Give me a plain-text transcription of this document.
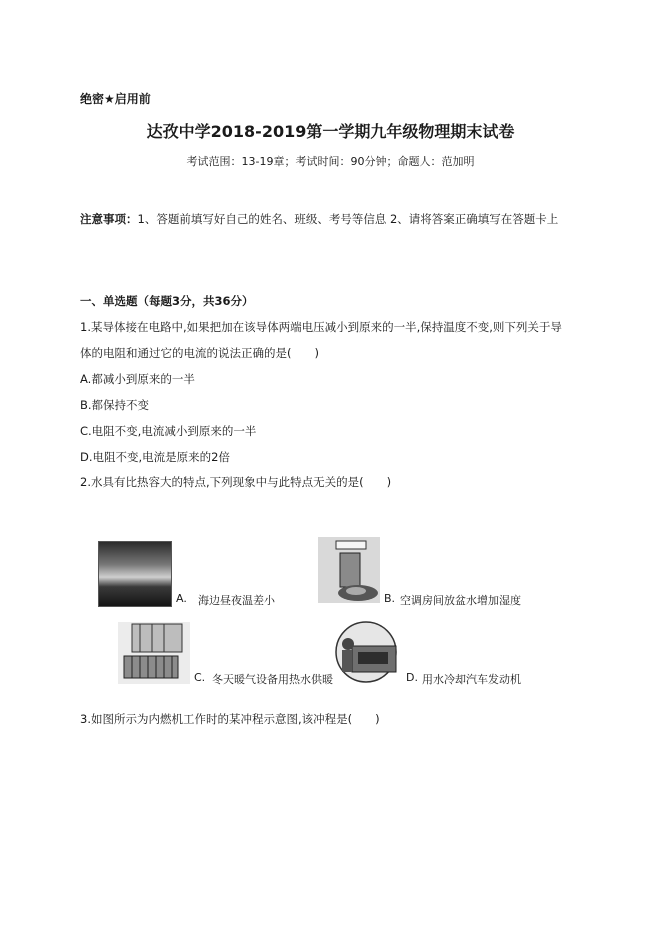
绝密★启用前
达孜中学2018-2019第一学期九年级物理期末试卷
考试范围：13-19章；考试时间：90分钟；命题人：范加明
注意事项：1、答题前填写好自己的姓名、班级、考号等信息 2、请将答案正确填写在答题卡上
一、单选题（每题3分，共36分）
1.某导体接在电路中,如果把加在该导体两端电压减小到原来的一半,保持温度不变,则下列关于导
体的电阻和通过它的电流的说法正确的是(　　)
A.都减小到原来的一半
B.都保持不变
C.电阻不变,电流减小到原来的一半
D.电阻不变,电流是原来的2倍
2.水具有比热容大的特点,下列现象中与此特点无关的是(　　)
A. 海边昼夜温差小	B. 空调房间放盆水增加湿度
C. 冬天暖气设备用热水供暖	D. 用水冷却汽车发动机
3.如图所示为内燃机工作时的某冲程示意图,该冲程是(　　)
